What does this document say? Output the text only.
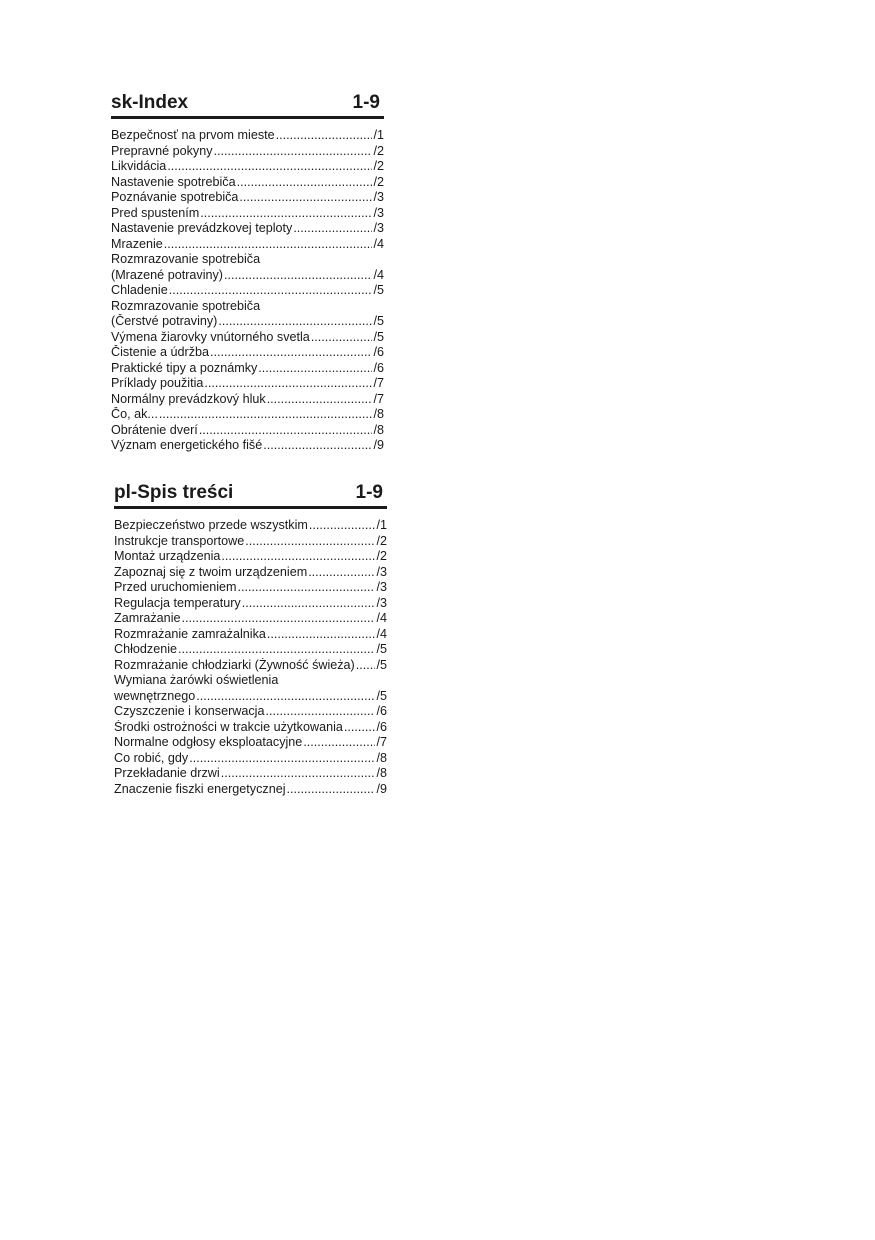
sk-Index	1-9
Bezpečnosť na prvom mieste .....	/1
Prepravné pokyny .....	/2
Likvidácia .....	/2
Nastavenie spotrebiča .....	/2
Poznávanie spotrebiča .....	/3
Pred spustením .....	/3
Nastavenie prevádzkovej teploty .....	/3
Mrazenie .....	/4
Rozmrazovanie spotrebiča
(Mrazené potraviny) .....	/4
Chladenie .....	/5
Rozmrazovanie spotrebiča
(Čerstvé potraviny) .....	/5
Výmena žiarovky vnútorného svetla .....	/5
Čistenie a údržba .....	/6
Praktické tipy a poznámky .....	/6
Príklady použitia .....	/7
Normálny prevádzkový hluk .....	/7
Čo, ak... .....	/8
Obrátenie dverí .....	/8
Význam energetického fišé .....	/9
pl-Spis treści	1-9
Bezpieczeństwo przede wszystkim .....	/1
Instrukcje transportowe .....	/2
Montaż urządzenia .....	/2
Zapoznaj się z twoim urządzeniem .....	/3
Przed uruchomieniem .....	/3
Regulacja temperatury .....	/3
Zamrażanie .....	/4
Rozmrażanie zamrażalnika .....	/4
Chłodzenie .....	/5
Rozmrażanie chłodziarki (Żywność świeża) ..... /5
Wymiana żarówki oświetlenia
wewnętrznego .....	/5
Czyszczenie i konserwacja .....	/6
Środki ostrożności w trakcie użytkowania .....	/6
Normalne odgłosy eksploatacyjne .....	/7
Co robić, gdy .....	/8
Przekładanie drzwi .....	/8
Znaczenie fiszki energetycznej .....	/9
